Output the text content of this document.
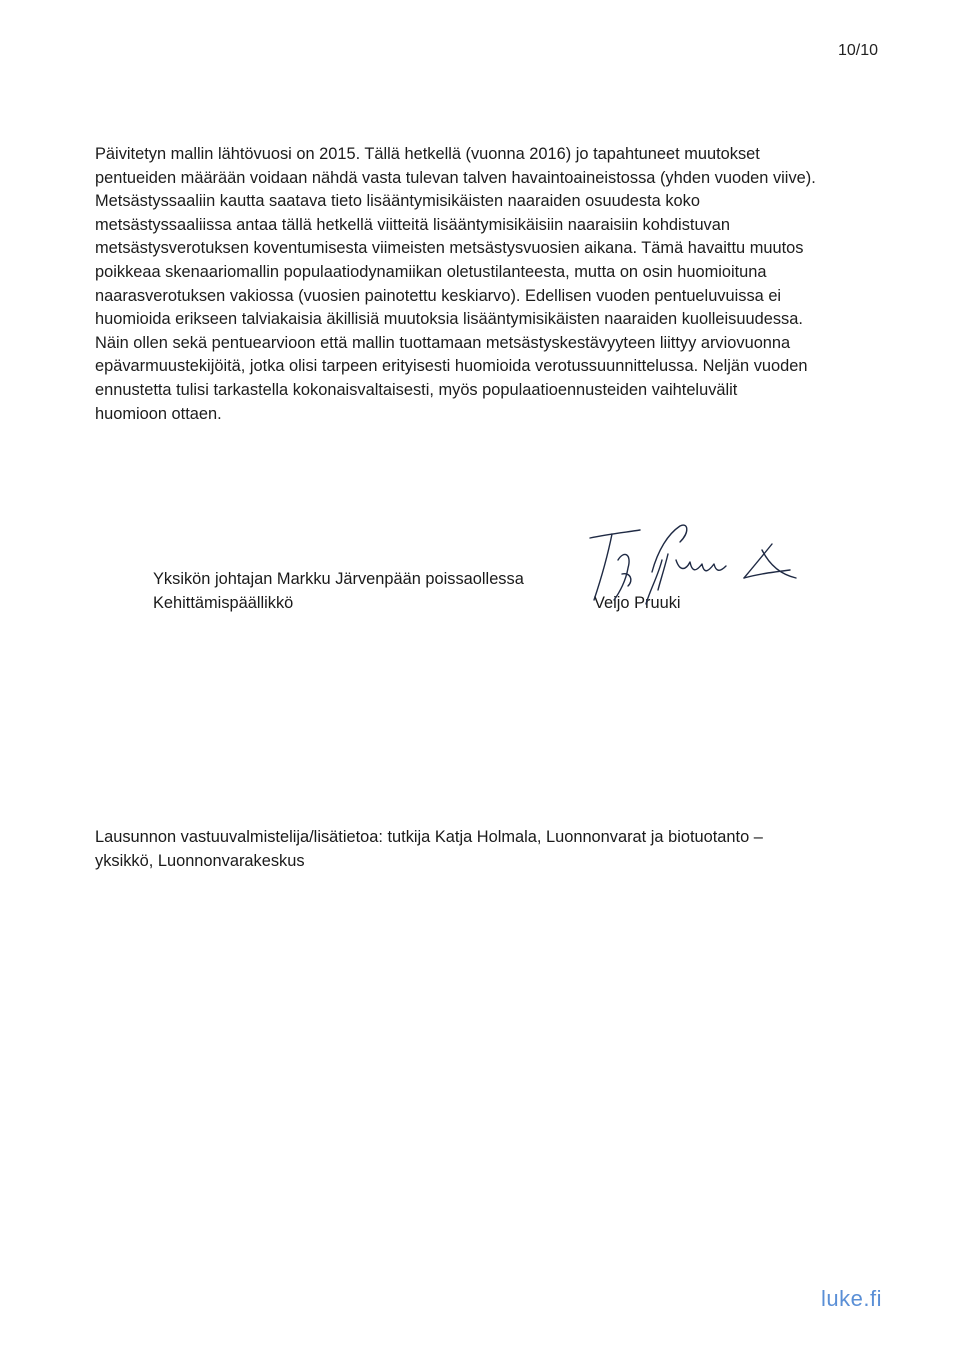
10/10

Päivitetyn mallin lähtövuosi on 2015. Tällä hetkellä (vuonna 2016) jo tapahtuneet muutokset
pentueiden määrään voidaan nähdä vasta tulevan talven havaintoaineistossa (yhden vuoden viive).
Metsästyssaaliin kautta saatava tieto lisääntymisikäisten naaraiden osuudesta koko
metsästyssaaliissa antaa tällä hetkellä viitteitä lisääntymisikäisiin naaraisiin kohdistuvan
metsästysverotuksen koventumisesta viimeisten metsästysvuosien aikana. Tämä havaittu muutos
poikkeaa skenaariomallin populaatiodynamiikan oletustilanteesta, mutta on osin huomioituna
naarasverotuksen vakiossa (vuosien painotettu keskiarvo). Edellisen vuoden pentueluvuissa ei
huomioida erikseen talviakaisia äkillisiä muutoksia lisääntymisikäisten naaraiden kuolleisuudessa.
Näin ollen sekä pentuearvioon että mallin tuottamaan metsästyskestävyyteen liittyy arviovuonna
epävarmuustekijöitä, jotka olisi tarpeen erityisesti huomioida verotussuunnittelussa. Neljän vuoden
ennustetta tulisi tarkastella kokonaisvaltaisesti, myös populaatioennusteiden vaihteluvälit
huomioon ottaen.

Yksikön johtajan Markku Järvenpään poissaollessa
Kehittämispäällikkö	Veijo Pruuki
Lausunnon vastuuvalmistelija/lisätietoa: tutkija Katja Holmala, Luonnonvarat ja biotuotanto –
yksikkö, Luonnonvarakeskus
luke.fi
